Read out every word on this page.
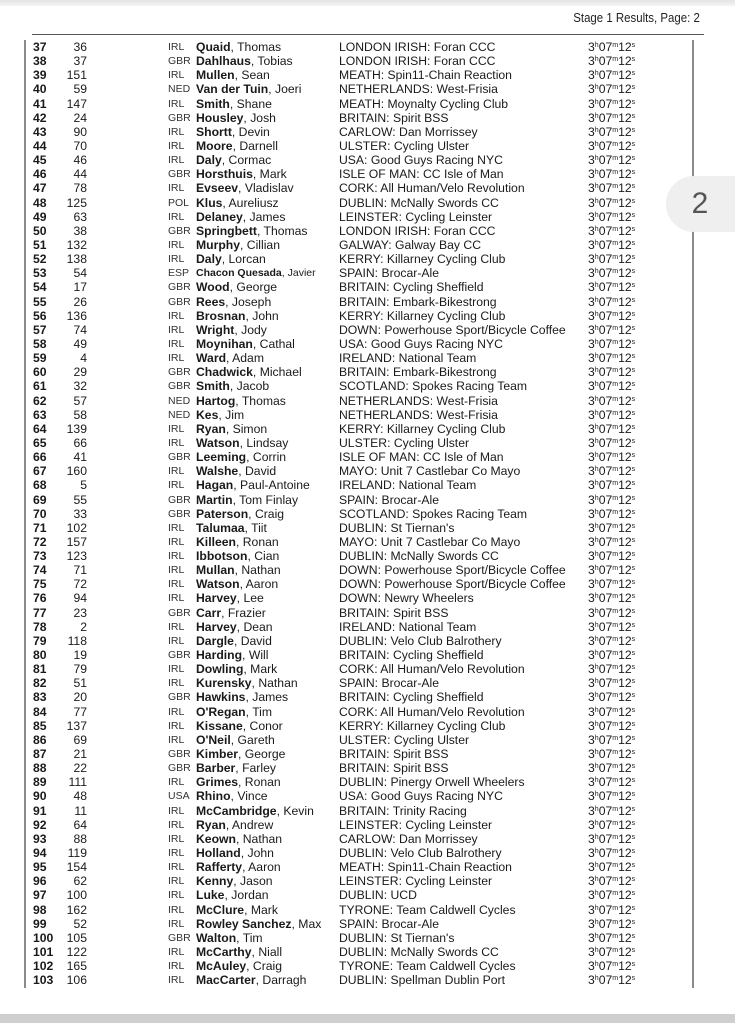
Stage 1 Results, Page: 2
37	36	IRL Quaid, Thomas	LONDON IRISH: Foran CCC	3$^h$07$^m$12$^s$
38	37	GBR Dahlhaus, Tobias	LONDON IRISH: Foran CCC	3$^h$07$^m$12$^s$
39	151	IRL Mullen, Sean	MEATH: Spin11-Chain Reaction	3$^h$07$^m$12$^s$
40	59	NED Van der Tuin, Joeri	NETHERLANDS: West-Frisia	3$^h$07$^m$12$^s$
41	147	IRL Smith, Shane	MEATH: Moynalty Cycling Club	3$^h$07$^m$12$^s$
42	24	GBR Housley, Josh	BRITAIN: Spirit BSS	3$^h$07$^m$12$^s$
43	90	IRL Shortt, Devin	CARLOW: Dan Morrissey	3$^h$07$^m$12$^s$
44	70	IRL Moore, Darnell	ULSTER: Cycling Ulster	3$^h$07$^m$12$^s$
45	46	IRL Daly, Cormac	USA: Good Guys Racing NYC	3$^h$07$^m$12$^s$
46	44	GBR Horsthuis, Mark	ISLE OF MAN: CC Isle of Man	3$^h$07$^m$12$^s$
47	78	IRL Evseev, Vladislav	CORK: All Human/Velo Revolution	3$^h$07$^m$12$^s$
48	125	POL Klus, Aureliusz	DUBLIN: McNally Swords CC	3$^h$07$^m$12$^s$
49	63	IRL Delaney, James	LEINSTER: Cycling Leinster	3$^h$07$^m$12$^s$
50	38	GBR Springbett, Thomas	LONDON IRISH: Foran CCC	3$^h$07$^m$12$^s$
51	132	IRL Murphy, Cillian	GALWAY: Galway Bay CC	3$^h$07$^m$12$^s$
52	138	IRL Daly, Lorcan	KERRY: Killarney Cycling Club	3$^h$07$^m$12$^s$
53	54	ESP Chacon Quesada, Javier SPAIN: Brocar-Ale	3$^h$07$^m$12$^s$
54	17	GBR Wood, George	BRITAIN: Cycling Sheffield	3$^h$07$^m$12$^s$
55	26	GBR Rees, Joseph	BRITAIN: Embark-Bikestrong	3$^h$07$^m$12$^s$
56	136	IRL Brosnan, John	KERRY: Killarney Cycling Club	3$^h$07$^m$12$^s$
57	74	IRL Wright, Jody	DOWN: Powerhouse Sport/Bicycle Coffee 3$^h$07$^m$12$^s$
58	49	IRL Moynihan, Cathal	USA: Good Guys Racing NYC	3$^h$07$^m$12$^s$
59	4	IRL Ward, Adam	IRELAND: National Team	3$^h$07$^m$12$^s$
60	29	GBR Chadwick, Michael	BRITAIN: Embark-Bikestrong	3$^h$07$^m$12$^s$
61	32	GBR Smith, Jacob	SCOTLAND: Spokes Racing Team	3$^h$07$^m$12$^s$
62	57	NED Hartog, Thomas	NETHERLANDS: West-Frisia	3$^h$07$^m$12$^s$
63	58	NED Kes, Jim	NETHERLANDS: West-Frisia	3$^h$07$^m$12$^s$
64	139	IRL Ryan, Simon	KERRY: Killarney Cycling Club	3$^h$07$^m$12$^s$
65	66	IRL Watson, Lindsay	ULSTER: Cycling Ulster	3$^h$07$^m$12$^s$
66	41	GBR Leeming, Corrin	ISLE OF MAN: CC Isle of Man	3$^h$07$^m$12$^s$
67	160	IRL Walshe, David	MAYO: Unit 7 Castlebar Co Mayo	3$^h$07$^m$12$^s$
68	5	IRL Hagan, Paul-Antoine IRELAND: National Team	3$^h$07$^m$12$^s$
69	55	GBR Martin, Tom Finlay	SPAIN: Brocar-Ale	3$^h$07$^m$12$^s$
70	33	GBR Paterson, Craig	SCOTLAND: Spokes Racing Team	3$^h$07$^m$12$^s$
71	102	IRL Talumaa, Tiit	DUBLIN: St Tiernan's	3$^h$07$^m$12$^s$
72	157	IRL Killeen, Ronan	MAYO: Unit 7 Castlebar Co Mayo	3$^h$07$^m$12$^s$
73	123	IRL Ibbotson, Cian	DUBLIN: McNally Swords CC	3$^h$07$^m$12$^s$
74	71	IRL Mullan, Nathan	DOWN: Powerhouse Sport/Bicycle Coffee 3$^h$07$^m$12$^s$
75	72	IRL Watson, Aaron	DOWN: Powerhouse Sport/Bicycle Coffee 3$^h$07$^m$12$^s$
76	94	IRL Harvey, Lee	DOWN: Newry Wheelers	3$^h$07$^m$12$^s$
77	23	GBR Carr, Frazier	BRITAIN: Spirit BSS	3$^h$07$^m$12$^s$
78	2	IRL Harvey, Dean	IRELAND: National Team	3$^h$07$^m$12$^s$
79	118	IRL Dargle, David	DUBLIN: Velo Club Balrothery	3$^h$07$^m$12$^s$
80	19	GBR Harding, Will	BRITAIN: Cycling Sheffield	3$^h$07$^m$12$^s$
81	79	IRL Dowling, Mark	CORK: All Human/Velo Revolution	3$^h$07$^m$12$^s$
82	51	IRL Kurensky, Nathan	SPAIN: Brocar-Ale	3$^h$07$^m$12$^s$
83	20	GBR Hawkins, James	BRITAIN: Cycling Sheffield	3$^h$07$^m$12$^s$
84	77	IRL O'Regan, Tim	CORK: All Human/Velo Revolution	3$^h$07$^m$12$^s$
85	137	IRL Kissane, Conor	KERRY: Killarney Cycling Club	3$^h$07$^m$12$^s$
86	69	IRL O'Neil, Gareth	ULSTER: Cycling Ulster	3$^h$07$^m$12$^s$
87	21	GBR Kimber, George	BRITAIN: Spirit BSS	3$^h$07$^m$12$^s$
88	22	GBR Barber, Farley	BRITAIN: Spirit BSS	3$^h$07$^m$12$^s$
89	111	IRL Grimes, Ronan	DUBLIN: Pinergy Orwell Wheelers	3$^h$07$^m$12$^s$
90	48	USA Rhino, Vince	USA: Good Guys Racing NYC	3$^h$07$^m$12$^s$
91	11	IRL McCambridge, Kevin BRITAIN: Trinity Racing	3$^h$07$^m$12$^s$
92	64	IRL Ryan, Andrew	LEINSTER: Cycling Leinster	3$^h$07$^m$12$^s$
93	88	IRL Keown, Nathan	CARLOW: Dan Morrissey	3$^h$07$^m$12$^s$
94	119	IRL Holland, John	DUBLIN: Velo Club Balrothery	3$^h$07$^m$12$^s$
95	154	IRL Rafferty, Aaron	MEATH: Spin11-Chain Reaction	3$^h$07$^m$12$^s$
96	62	IRL Kenny, Jason	LEINSTER: Cycling Leinster	3$^h$07$^m$12$^s$
97	100	IRL Luke, Jordan	DUBLIN: UCD	3$^h$07$^m$12$^s$
98	162	IRL McClure, Mark	TYRONE: Team Caldwell Cycles	3$^h$07$^m$12$^s$
99	52	IRL Rowley Sanchez, Max SPAIN: Brocar-Ale	3$^h$07$^m$12$^s$
100	105	GBR Walton, Tim	DUBLIN: St Tiernan's	3$^h$07$^m$12$^s$
101	122	IRL McCarthy, Niall	DUBLIN: McNally Swords CC	3$^h$07$^m$12$^s$
102	165	IRL McAuley, Craig	TYRONE: Team Caldwell Cycles	3$^h$07$^m$12$^s$
103	106	IRL MacCarter, Darragh	DUBLIN: Spellman Dublin Port	3$^h$07$^m$12$^s$
2
